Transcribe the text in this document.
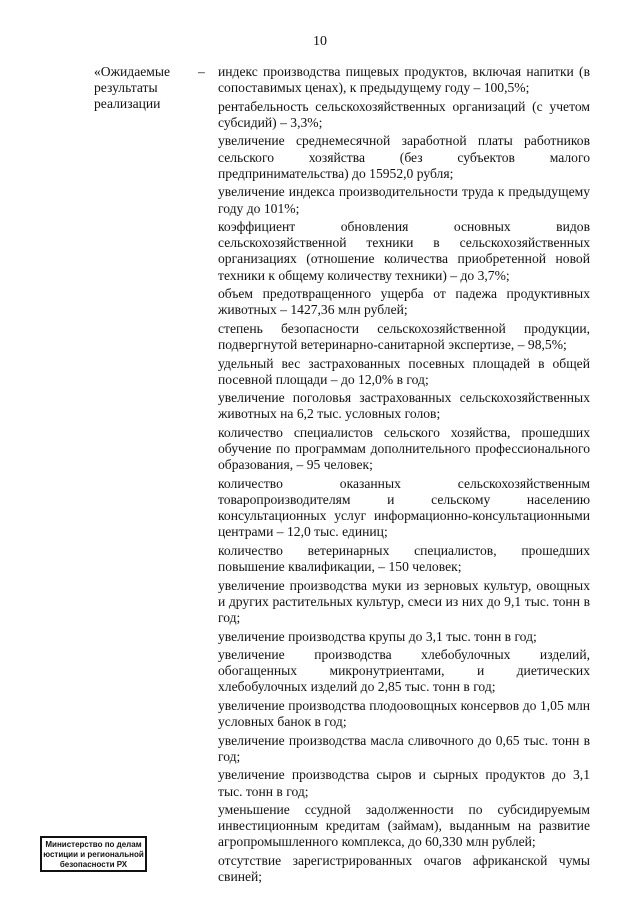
10
«Ожидаемые
результаты
реализации
– индекс производства пищевых продуктов, включая напитки (в сопоставимых ценах), к предыдущему году – 100,5%;

рентабельность сельскохозяйственных организаций (с учетом субсидий) – 3,3%;

увеличение среднемесячной заработной платы работников сельского хозяйства (без субъектов малого предпринимательства) до 15952,0 рубля;

увеличение индекса производительности труда к предыдущему году до 101%;

коэффициент обновления основных видов сельскохозяйственной техники в сельскохозяйственных организациях (отношение количества приобретенной новой техники к общему количеству техники) – до 3,7%;

объем предотвращенного ущерба от падежа продуктивных животных – 1427,36 млн рублей;

степень безопасности сельскохозяйственной продукции, подвергнутой ветеринарно-санитарной экспертизе, – 98,5%;

удельный вес застрахованных посевных площадей в общей посевной площади – до 12,0% в год;

увеличение поголовья застрахованных сельскохозяйственных животных на 6,2 тыс. условных голов;

количество специалистов сельского хозяйства, прошедших обучение по программам дополнительного профессионального образования, – 95 человек;

количество оказанных сельскохозяйственным товаропроизводителям и сельскому населению консультационных услуг информационно-консультационными центрами – 12,0 тыс. единиц;

количество ветеринарных специалистов, прошедших повышение квалификации, – 150 человек;

увеличение производства муки из зерновых культур, овощных и других растительных культур, смеси из них до 9,1 тыс. тонн в год;

увеличение производства крупы до 3,1 тыс. тонн в год;

увеличение производства хлебобулочных изделий, обогащенных микронутриентами, и диетических хлебобулочных изделий до 2,85 тыс. тонн в год;

увеличение производства плодоовощных консервов до 1,05 млн условных банок в год;

увеличение производства масла сливочного до 0,65 тыс. тонн в год;

увеличение производства сыров и сырных продуктов до 3,1 тыс. тонн в год;

уменьшение ссудной задолженности по субсидируемым инвестиционным кредитам (займам), выданным на развитие агропромышленного комплекса, до 60,330 млн рублей;

отсутствие зарегистрированных очагов африканской чумы свиней;

Министерство по делам
юстиции и региональной
безопасности РХ
